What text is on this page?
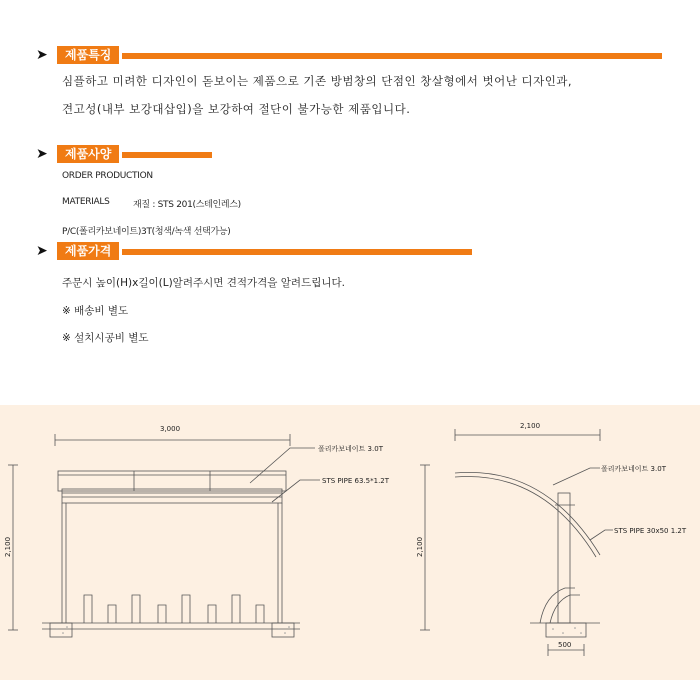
➤	제품특징
심플하고 미려한 디자인이 돋보이는 제품으로 기존 방범창의 단점인 창살형에서 벗어난 디자인과,
견고성(내부 보강대삽입)을 보강하여 절단이 불가능한 제품입니다.
➤	제품사양
ORDER PRODUCTION
MATERIALS	재질 : STS 201(스테인레스)
P/C(폴리카보네이트)3T(청색/녹색 선택가능)
➤	제품가격
주문시 높이(H)x길이(L)알려주시면 견적가격을 알려드립니다.
※ 배송비 별도
※ 설치시공비 별도
3,000
2,100
폴리카보네이트 3.0T
STS PIPE 63.5*1.2T
2,100
2,100
500
폴리카보네이트 3.0T
STS PIPE 30x50 1.2T
